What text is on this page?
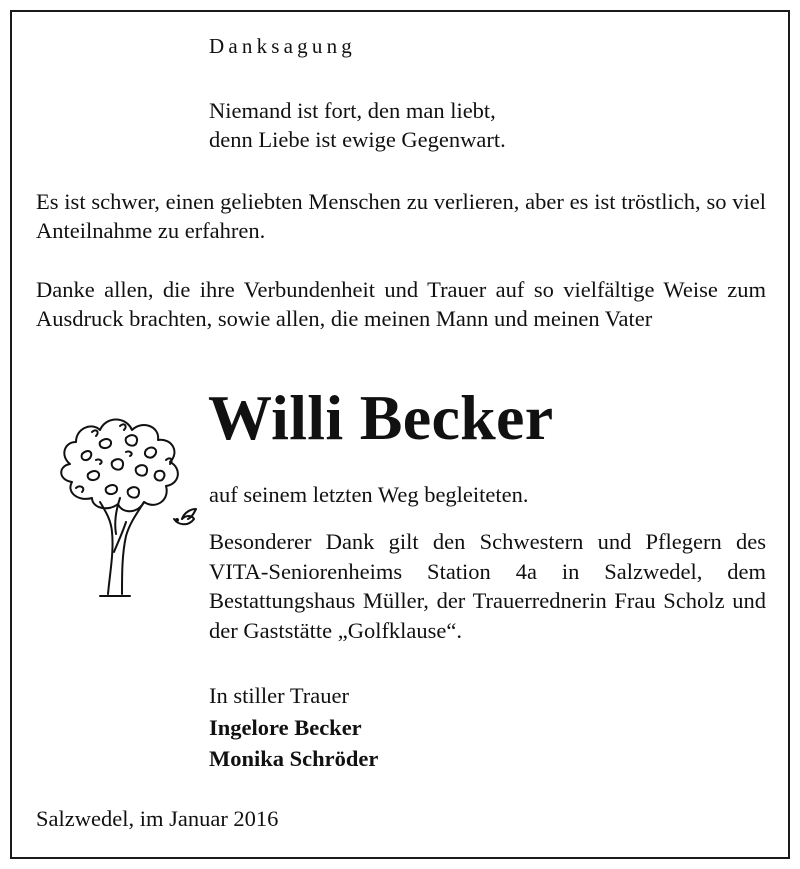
Danksagung
Niemand ist fort, den man liebt,
denn Liebe ist ewige Gegenwart.
Es ist schwer, einen geliebten Menschen zu verlieren, aber es ist tröstlich, so viel Anteilnahme zu erfahren.
Danke allen, die ihre Verbundenheit und Trauer auf so vielfältige Weise zum Ausdruck brachten, sowie allen, die meinen Mann und meinen Vater
Willi Becker
auf seinem letzten Weg begleiteten.
Besonderer Dank gilt den Schwestern und Pflegern des VITA-Seniorenheims Station 4a in Salzwedel, dem Bestattungshaus Müller, der Trauerrednerin Frau Scholz und der Gaststätte „Golfklause“.
In stiller Trauer
Ingelore Becker
Monika Schröder
Salzwedel, im Januar 2016
